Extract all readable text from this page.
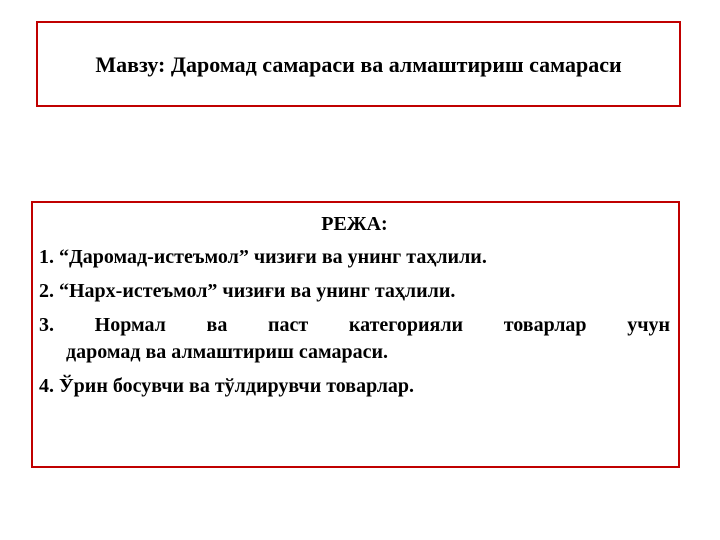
Мавзу: Даромад самараси ва алмаштириш самараси
РЕЖА:
1. “Даромад-истеъмол” чизиғи ва унинг таҳлили.
2. “Нарх-истеъмол” чизиғи ва унинг таҳлили.
3. Нормал ва паст категорияли товарлар учун
даромад ва алмаштириш самараси.
4. Ўрин босувчи ва тўлдирувчи товарлар.
